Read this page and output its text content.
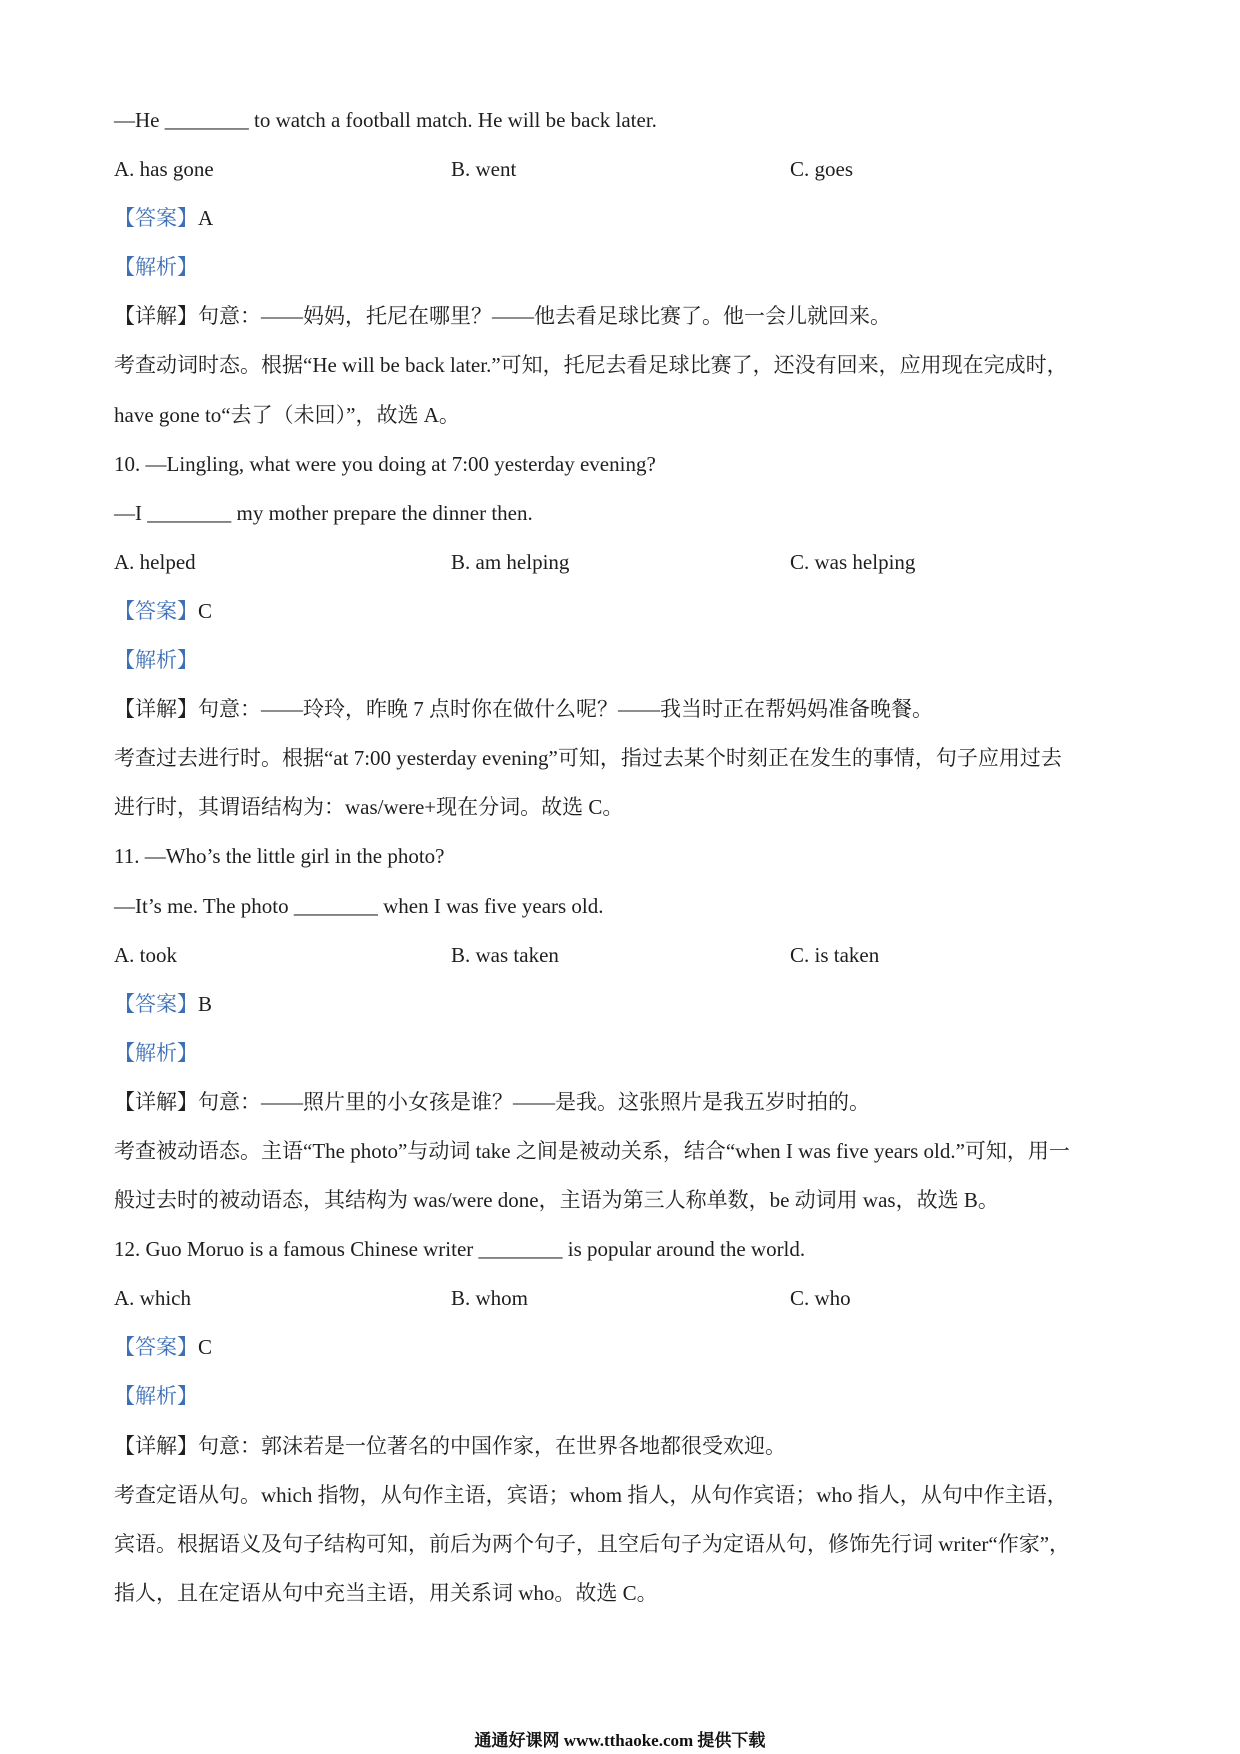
—He ________ to watch a football match. He will be back later.
A. has gone	B. went	C. goes
【答案】A
【解析】
【详解】句意：——妈妈，托尼在哪里？——他去看足球比赛了。他一会儿就回来。
考查动词时态。根据“He will be back later.”可知，托尼去看足球比赛了，还没有回来，应用现在完成时，
have gone to“去了（未回）”，故选 A。
10. —Lingling, what were you doing at 7:00 yesterday evening?
—I ________ my mother prepare the dinner then.
A. helped	B. am helping	C. was helping
【答案】C
【解析】
【详解】句意：——玲玲，昨晚 7 点时你在做什么呢？——我当时正在帮妈妈准备晚餐。
考查过去进行时。根据“at 7:00 yesterday evening”可知，指过去某个时刻正在发生的事情，句子应用过去
进行时，其谓语结构为：was/were+现在分词。故选 C。
11. —Who’s the little girl in the photo?
—It’s me. The photo ________ when I was five years old.
A. took	B. was taken	C. is taken
【答案】B
【解析】
【详解】句意：——照片里的小女孩是谁？——是我。这张照片是我五岁时拍的。
考查被动语态。主语“The photo”与动词 take 之间是被动关系，结合“when I was five years old.”可知，用一
般过去时的被动语态，其结构为 was/were done，主语为第三人称单数，be 动词用 was，故选 B。
12. Guo Moruo is a famous Chinese writer ________ is popular around the world.
A. which	B. whom	C. who
【答案】C
【解析】
【详解】句意：郭沫若是一位著名的中国作家，在世界各地都很受欢迎。
考查定语从句。which 指物，从句作主语，宾语；whom 指人，从句作宾语；who 指人，从句中作主语，
宾语。根据语义及句子结构可知，前后为两个句子，且空后句子为定语从句，修饰先行词 writer“作家”，
指人，且在定语从句中充当主语，用关系词 who。故选 C。
通通好课网 www.tthaoke.com 提供下载
